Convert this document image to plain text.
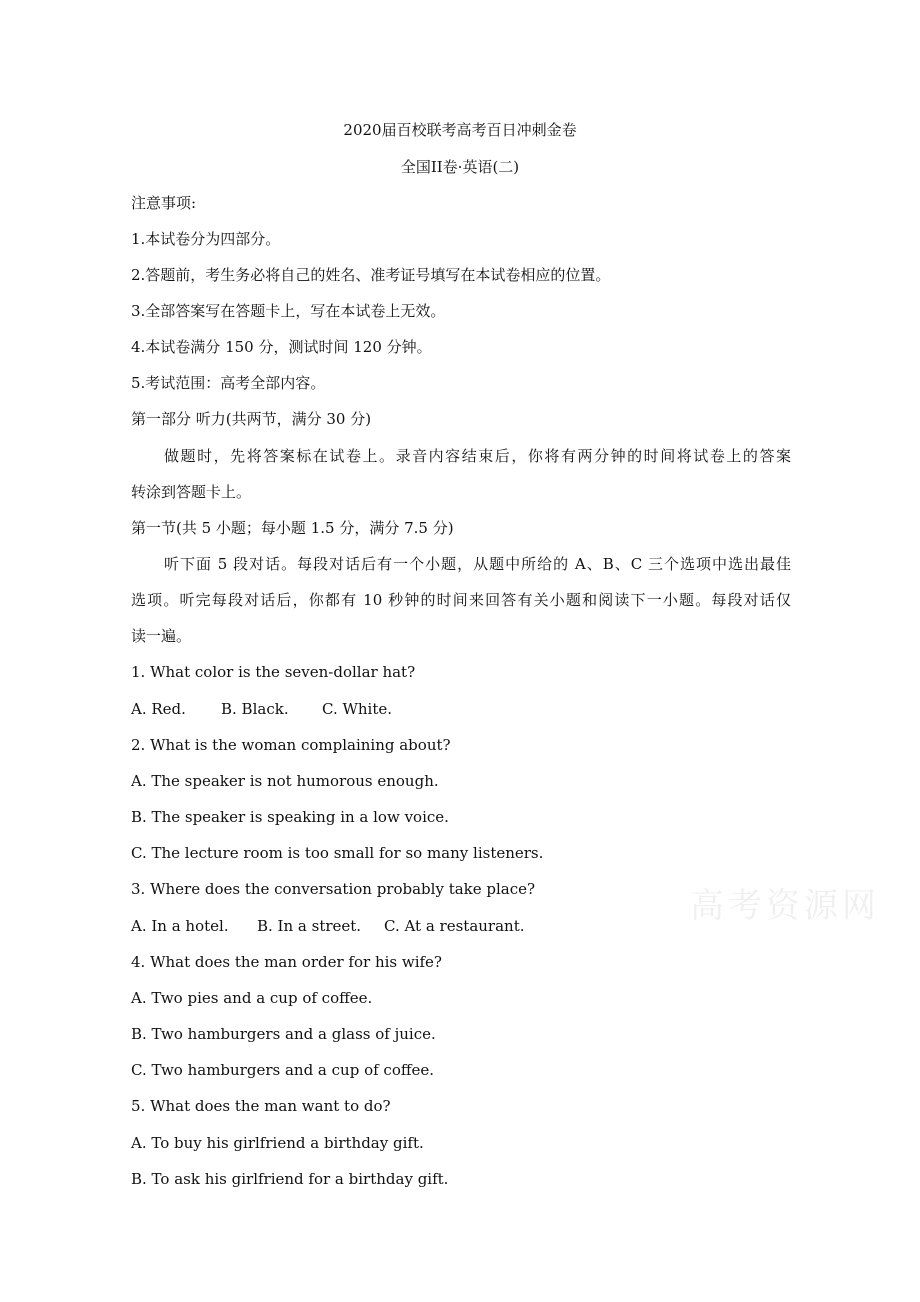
2020届百校联考高考百日冲刺金卷
全国II卷·英语(二)
注意事项:
1.本试卷分为四部分。
2.答题前，考生务必将自己的姓名、准考证号填写在本试卷相应的位置。
3.全部答案写在答题卡上，写在本试卷上无效。
4.本试卷满分 150 分，测试时间 120 分钟。
5.考试范围：高考全部内容。
第一部分 听力(共两节，满分 30 分)
做题时，先将答案标在试卷上。录音内容结束后，你将有两分钟的时间将试卷上的答案
转涂到答题卡上。
第一节(共 5 小题；每小题 1.5 分，满分 7.5 分)
听下面 5 段对话。每段对话后有一个小题，从题中所给的 A、B、C 三个选项中选出最佳
选项。听完每段对话后，你都有 10 秒钟的时间来回答有关小题和阅读下一小题。每段对话仅
读一遍。
1. What color is the seven-dollar hat?
A. Red. B. Black. C. White.
2. What is the woman complaining about?
A. The speaker is not humorous enough.
B. The speaker is speaking in a low voice.
C. The lecture room is too small for so many listeners.
3. Where does the conversation probably take place?
A. In a hotel. B. In a street. C. At a restaurant.
4. What does the man order for his wife?
A. Two pies and a cup of coffee.
B. Two hamburgers and a glass of juice.
C. Two hamburgers and a cup of coffee.
5. What does the man want to do?
A. To buy his girlfriend a birthday gift.
B. To ask his girlfriend for a birthday gift.
高考资源网
